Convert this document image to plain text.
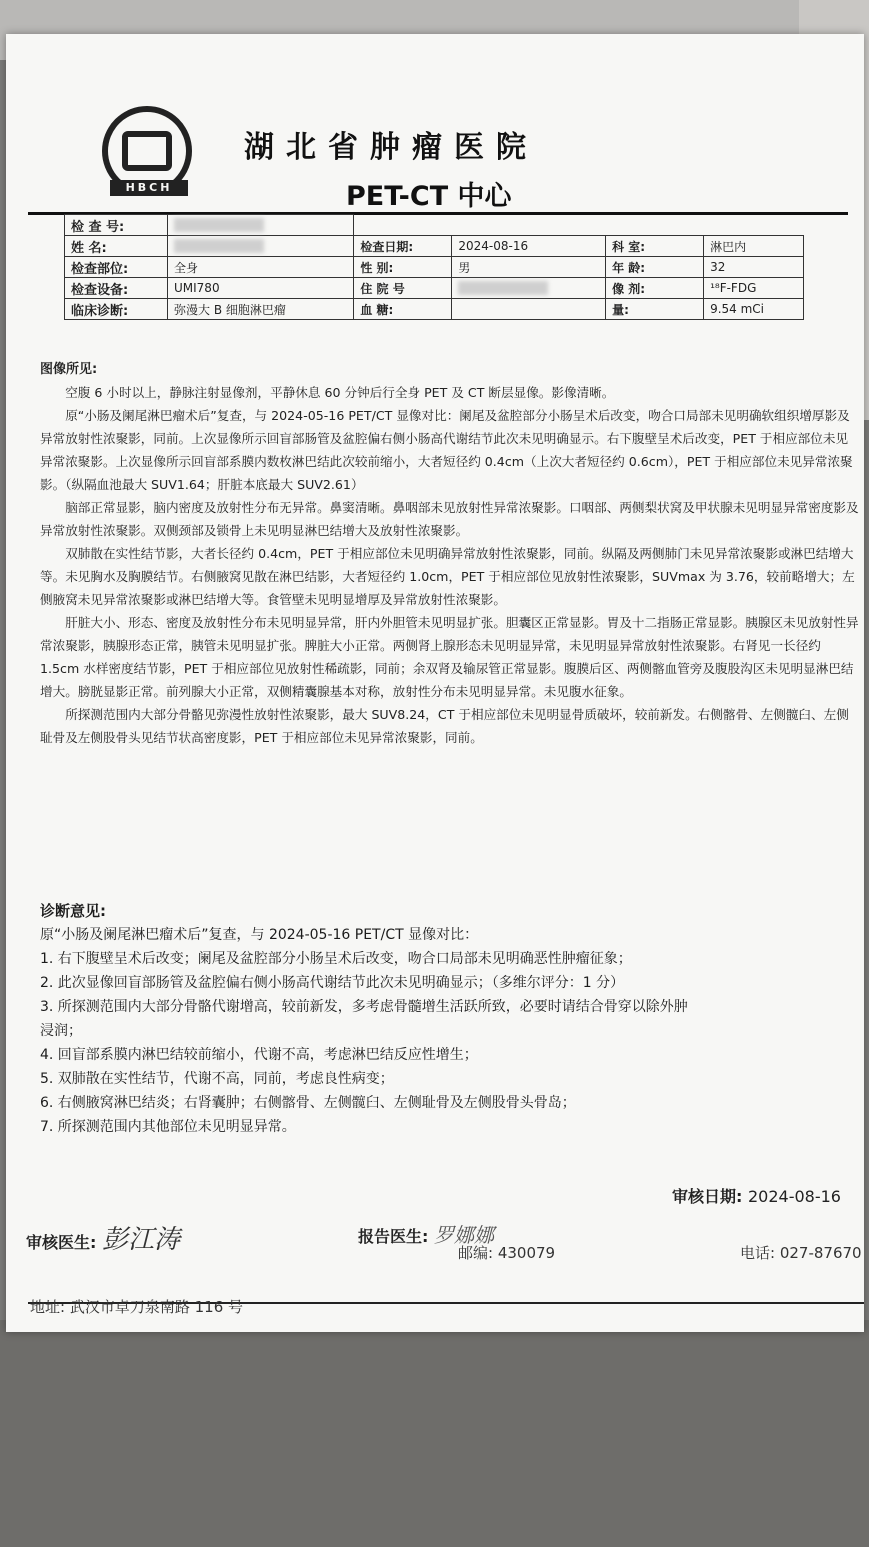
HBCH
湖北省肿瘤医院
PET-CT 中心
检 查 号:					
姓 名:		检查日期:	2024-08-16	科 室:	淋巴内
检查部位:	全身	性 别:	男	年 龄:	32
检查设备:	UMI780	住 院 号		像 剂:	¹⁸F-FDG
临床诊断:	弥漫大 B 细胞淋巴瘤	血 糖:		量:	9.54 mCi
图像所见:

空腹 6 小时以上，静脉注射显像剂，平静休息 60 分钟后行全身 PET 及 CT 断层显像。影像清晰。

原“小肠及阑尾淋巴瘤术后”复查，与 2024-05-16 PET/CT 显像对比：阑尾及盆腔部分小肠呈术后改变，吻合口局部未见明确软组织增厚影及异常放射性浓聚影，同前。上次显像所示回盲部肠管及盆腔偏右侧小肠高代谢结节此次未见明确显示。右下腹壁呈术后改变，PET 于相应部位未见异常浓聚影。上次显像所示回盲部系膜内数枚淋巴结此次较前缩小，大者短径约 0.4cm（上次大者短径约 0.6cm），PET 于相应部位未见异常浓聚影。（纵隔血池最大 SUV1.64；肝脏本底最大 SUV2.61）

脑部正常显影，脑内密度及放射性分布无异常。鼻窦清晰。鼻咽部未见放射性异常浓聚影。口咽部、两侧梨状窝及甲状腺未见明显异常密度影及异常放射性浓聚影。双侧颈部及锁骨上未见明显淋巴结增大及放射性浓聚影。

双肺散在实性结节影，大者长径约 0.4cm，PET 于相应部位未见明确异常放射性浓聚影，同前。纵隔及两侧肺门未见异常浓聚影或淋巴结增大等。未见胸水及胸膜结节。右侧腋窝见散在淋巴结影，大者短径约 1.0cm，PET 于相应部位见放射性浓聚影，SUVmax 为 3.76，较前略增大；左侧腋窝未见异常浓聚影或淋巴结增大等。食管壁未见明显增厚及异常放射性浓聚影。

肝脏大小、形态、密度及放射性分布未见明显异常，肝内外胆管未见明显扩张。胆囊区正常显影。胃及十二指肠正常显影。胰腺区未见放射性异常浓聚影，胰腺形态正常，胰管未见明显扩张。脾脏大小正常。两侧肾上腺形态未见明显异常，未见明显异常放射性浓聚影。右肾见一长径约 1.5cm 水样密度结节影，PET 于相应部位见放射性稀疏影，同前；余双肾及输尿管正常显影。腹膜后区、两侧髂血管旁及腹股沟区未见明显淋巴结增大。膀胱显影正常。前列腺大小正常，双侧精囊腺基本对称，放射性分布未见明显异常。未见腹水征象。

所探测范围内大部分骨骼见弥漫性放射性浓聚影，最大 SUV8.24，CT 于相应部位未见明显骨质破坏，较前新发。右侧髂骨、左侧髋臼、左侧耻骨及左侧股骨头见结节状高密度影，PET 于相应部位未见异常浓聚影，同前。

诊断意见:
原“小肠及阑尾淋巴瘤术后”复查，与 2024-05-16 PET/CT 显像对比：
1. 右下腹壁呈术后改变；阑尾及盆腔部分小肠呈术后改变，吻合口局部未见明确恶性肿瘤征象；
2. 此次显像回盲部肠管及盆腔偏右侧小肠高代谢结节此次未见明确显示；（多维尔评分：1 分）
3. 所探测范围内大部分骨骼代谢增高，较前新发，多考虑骨髓增生活跃所致，必要时请结合骨穿以除外肿
浸润；
4. 回盲部系膜内淋巴结较前缩小，代谢不高，考虑淋巴结反应性增生；
5. 双肺散在实性结节，代谢不高，同前，考虑良性病变；
6. 右侧腋窝淋巴结炎；右肾囊肿；右侧髂骨、左侧髋臼、左侧耻骨及左侧股骨头骨岛；
7. 所探测范围内其他部位未见明显异常。
审核医生: 彭江涛	报告医生: 罗娜娜
审核日期: 2024-08-16
地址: 武汉市卓刀泉南路 116 号
邮编: 430079	电话: 027-87670
